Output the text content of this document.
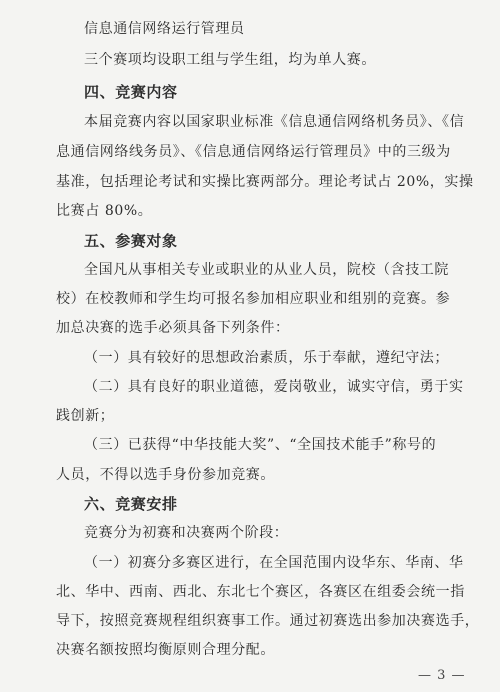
信息通信网络运行管理员
三个赛项均设职工组与学生组，均为单人赛。
四、竞赛内容
本届竞赛内容以国家职业标准《信息通信网络机务员》、《信
息通信网络线务员》、《信息通信网络运行管理员》中的三级为
基准，包括理论考试和实操比赛两部分。理论考试占 20%，实操
比赛占 80%。
五、参赛对象
全国凡从事相关专业或职业的从业人员，院校（含技工院
校）在校教师和学生均可报名参加相应职业和组别的竞赛。参
加总决赛的选手必须具备下列条件：
（一）具有较好的思想政治素质，乐于奉献，遵纪守法；
（二）具有良好的职业道德，爱岗敬业，诚实守信，勇于实
践创新；
（三）已获得“中华技能大奖”、“全国技术能手”称号的
人员，不得以选手身份参加竞赛。
六、竞赛安排
竞赛分为初赛和决赛两个阶段：
（一）初赛分多赛区进行，在全国范围内设华东、华南、华
北、华中、西南、西北、东北七个赛区，各赛区在组委会统一指
导下，按照竞赛规程组织赛事工作。通过初赛选出参加决赛选手，
决赛名额按照均衡原则合理分配。
— 3 —
